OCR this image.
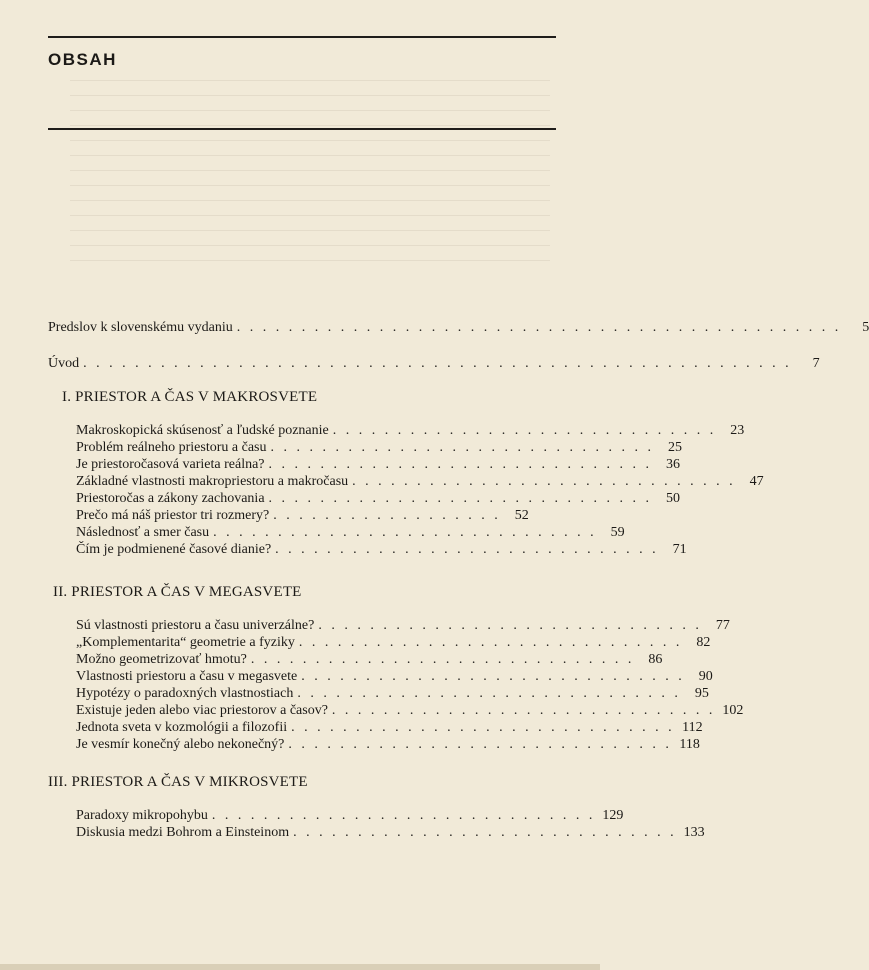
OBSAH
Predslov k slovenskému vydaniu . . . . . . . . . . . . . . . . . . . . . . . . . . . . . . . . . . . . . . . . . . . . . . .	5
Úvod . . . . . . . . . . . . . . . . . . . . . . . . . . . . . . . . . . . . . . . . . . . . . . . . . . . . . . .	7
I. PRIESTOR A ČAS V MAKROSVETE
Makroskopická skúsenosť a ľudské poznanie . . . . . . . . . . . . . . . . . . . . . . . . . . . . . .	23
Problém reálneho priestoru a času . . . . . . . . . . . . . . . . . . . . . . . . . . . . . .	25
Je priestoročasová varieta reálna? . . . . . . . . . . . . . . . . . . . . . . . . . . . . . .	36
Základné vlastnosti makropriestoru a makročasu . . . . . . . . . . . . . . . . . . . . . . . . . . . . . .	47
Priestoročas a zákony zachovania . . . . . . . . . . . . . . . . . . . . . . . . . . . . . .	50
Prečo má náš priestor tri rozmery? . . . . . . . . . . . . . . . . . .	52
Následnosť a smer času . . . . . . . . . . . . . . . . . . . . . . . . . . . . . .	59
Čím je podmienené časové dianie? . . . . . . . . . . . . . . . . . . . . . . . . . . . . . .	71
II. PRIESTOR A ČAS V MEGASVETE
Sú vlastnosti priestoru a času univerzálne? . . . . . . . . . . . . . . . . . . . . . . . . . . . . . .	77
„Komplementarita“ geometrie a fyziky . . . . . . . . . . . . . . . . . . . . . . . . . . . . . .	82
Možno geometrizovať hmotu? . . . . . . . . . . . . . . . . . . . . . . . . . . . . . .	86
Vlastnosti priestoru a času v megasvete . . . . . . . . . . . . . . . . . . . . . . . . . . . . . .	90
Hypotézy o paradoxných vlastnostiach . . . . . . . . . . . . . . . . . . . . . . . . . . . . . .	95
Existuje jeden alebo viac priestorov a časov? . . . . . . . . . . . . . . . . . . . . . . . . . . . . . . 102
Jednota sveta v kozmológii a filozofii . . . . . . . . . . . . . . . . . . . . . . . . . . . . . . 112
Je vesmír konečný alebo nekonečný? . . . . . . . . . . . . . . . . . . . . . . . . . . . . . . 118
III. PRIESTOR A ČAS V MIKROSVETE
Paradoxy mikropohybu . . . . . . . . . . . . . . . . . . . . . . . . . . . . . . 129
Diskusia medzi Bohrom a Einsteinom . . . . . . . . . . . . . . . . . . . . . . . . . . . . . . 133
